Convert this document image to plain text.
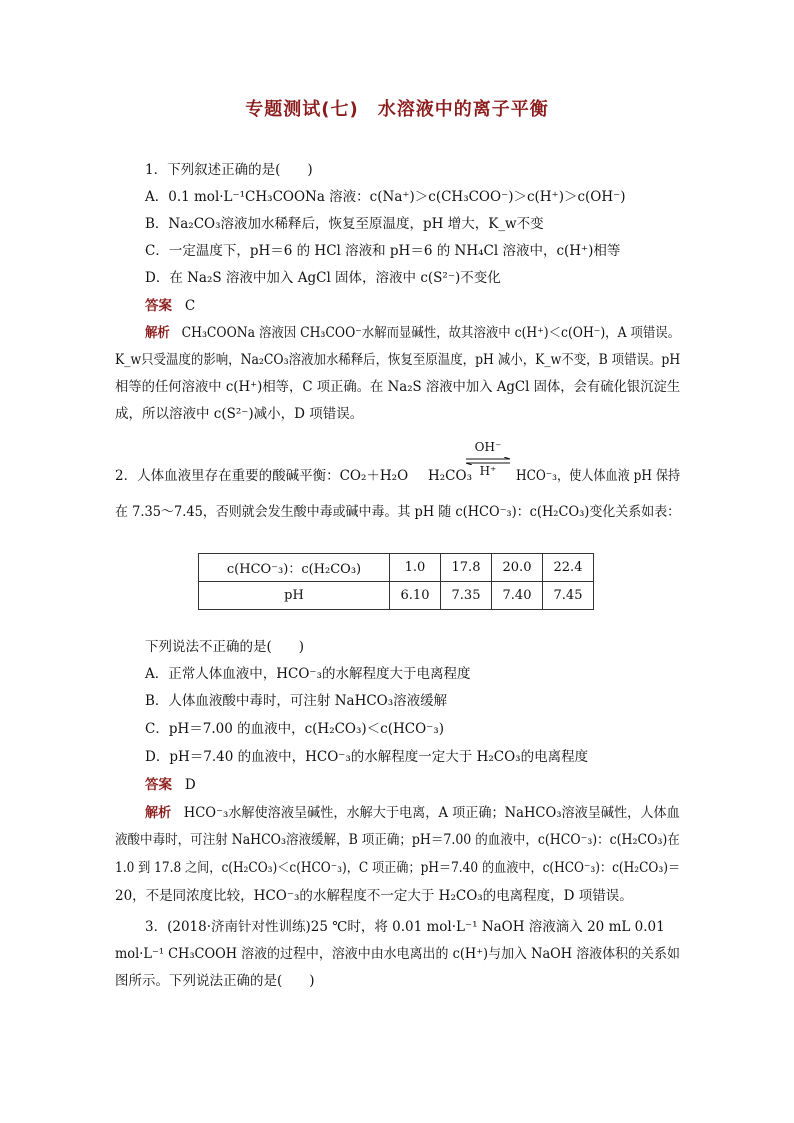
专题测试(七)　水溶液中的离子平衡
1．下列叙述正确的是(　　)
A．0.1 mol·L⁻¹CH₃COONa 溶液：c(Na⁺)＞c(CH₃COO⁻)＞c(H⁺)＞c(OH⁻)
B．Na₂CO₃溶液加水稀释后，恢复至原温度，pH 增大，K_w不变
C．一定温度下，pH＝6 的 HCl 溶液和 pH＝6 的 NH₄Cl 溶液中，c(H⁺)相等
D．在 Na₂S 溶液中加入 AgCl 固体，溶液中 c(S²⁻)不变化
答案 C
解析 CH₃COONa 溶液因 CH₃COO⁻水解而显碱性，故其溶液中 c(H⁺)＜c(OH⁻)，A 项错误。
K_w只受温度的影响，Na₂CO₃溶液加水稀释后，恢复至原温度，pH 减小，K_w不变，B 项错误。pH
相等的任何溶液中 c(H⁺)相等，C 项正确。在 Na₂S 溶液中加入 AgCl 固体，会有硫化银沉淀生
成，所以溶液中 c(S²⁻)减小，D 项错误。
2．人体血液里存在重要的酸碱平衡：CO₂＋H₂O H₂CO₃
OH⁻
H⁺	HCO⁻₃，使人体血液 pH 保持
在 7.35～7.45，否则就会发生酸中毒或碱中毒。其 pH 随 c(HCO⁻₃)：c(H₂CO₃)变化关系如表：
c(HCO⁻₃)：c(H₂CO₃)	1.0	17.8	20.0	22.4
pH	6.10	7.35	7.40	7.45
下列说法不正确的是(　　)
A．正常人体血液中，HCO⁻₃的水解程度大于电离程度
B．人体血液酸中毒时，可注射 NaHCO₃溶液缓解
C．pH＝7.00 的血液中，c(H₂CO₃)＜c(HCO⁻₃)
D．pH＝7.40 的血液中，HCO⁻₃的水解程度一定大于 H₂CO₃的电离程度
答案 D
解析 HCO⁻₃水解使溶液呈碱性，水解大于电离，A 项正确；NaHCO₃溶液呈碱性，人体血
液酸中毒时，可注射 NaHCO₃溶液缓解，B 项正确；pH＝7.00 的血液中，c(HCO⁻₃)：c(H₂CO₃)在
1.0 到 17.8 之间，c(H₂CO₃)＜c(HCO⁻₃)，C 项正确；pH＝7.40 的血液中，c(HCO⁻₃)：c(H₂CO₃)＝
20，不是同浓度比较，HCO⁻₃的水解程度不一定大于 H₂CO₃的电离程度，D 项错误。
3．(2018·济南针对性训练)25 ℃时，将 0.01 mol·L⁻¹ NaOH 溶液滴入 20 mL 0.01
mol·L⁻¹ CH₃COOH 溶液的过程中，溶液中由水电离出的 c(H⁺)与加入 NaOH 溶液体积的关系如
图所示。下列说法正确的是(　　)
